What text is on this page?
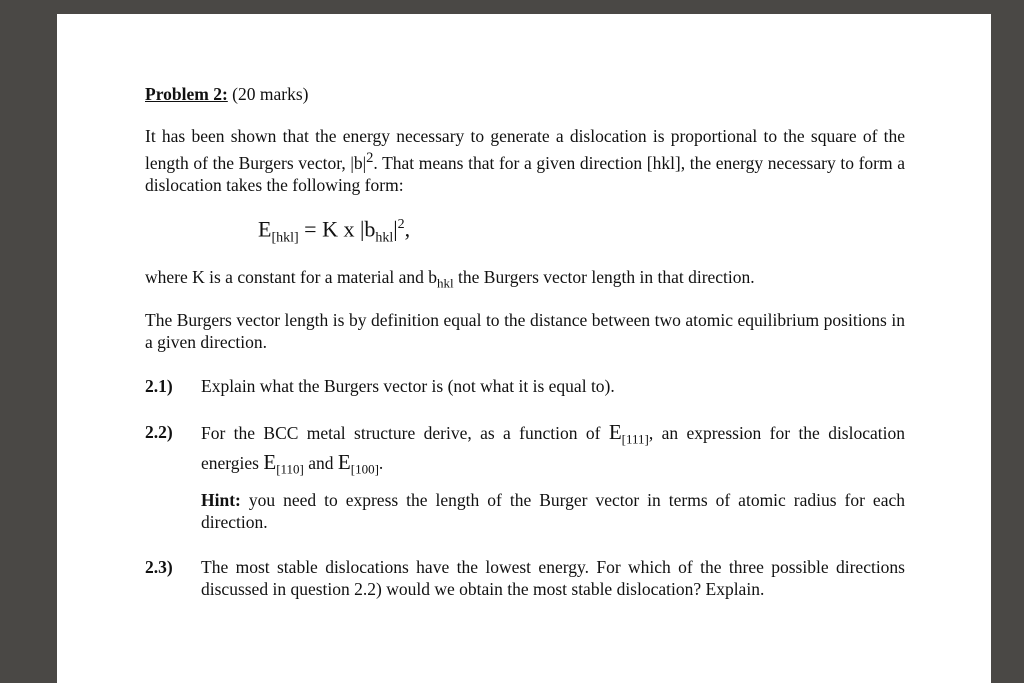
Problem 2: (20 marks)
It has been shown that the energy necessary to generate a dislocation is proportional to the square of the length of the Burgers vector, $|b|^2$. That means that for a given direction [hkl], the energy necessary to form a dislocation takes the following form:
$E_{[hkl]} = K$ x $|b_{hkl}|^2$,
where K is a constant for a material and $b_{hkl}$ the Burgers vector length in that direction.
The Burgers vector length is by definition equal to the distance between two atomic equilibrium positions in a given direction.
2.1) Explain what the Burgers vector is (not what it is equal to).
2.2) For the BCC metal structure derive, as a function of $E_{[111]}$, an expression for the dislocation energies $E_{[110]}$ and $E_{[100]}$.
Hint: you need to express the length of the Burger vector in terms of atomic radius for each direction.
2.3) The most stable dislocations have the lowest energy. For which of the three possible directions discussed in question 2.2) would we obtain the most stable dislocation? Explain.
